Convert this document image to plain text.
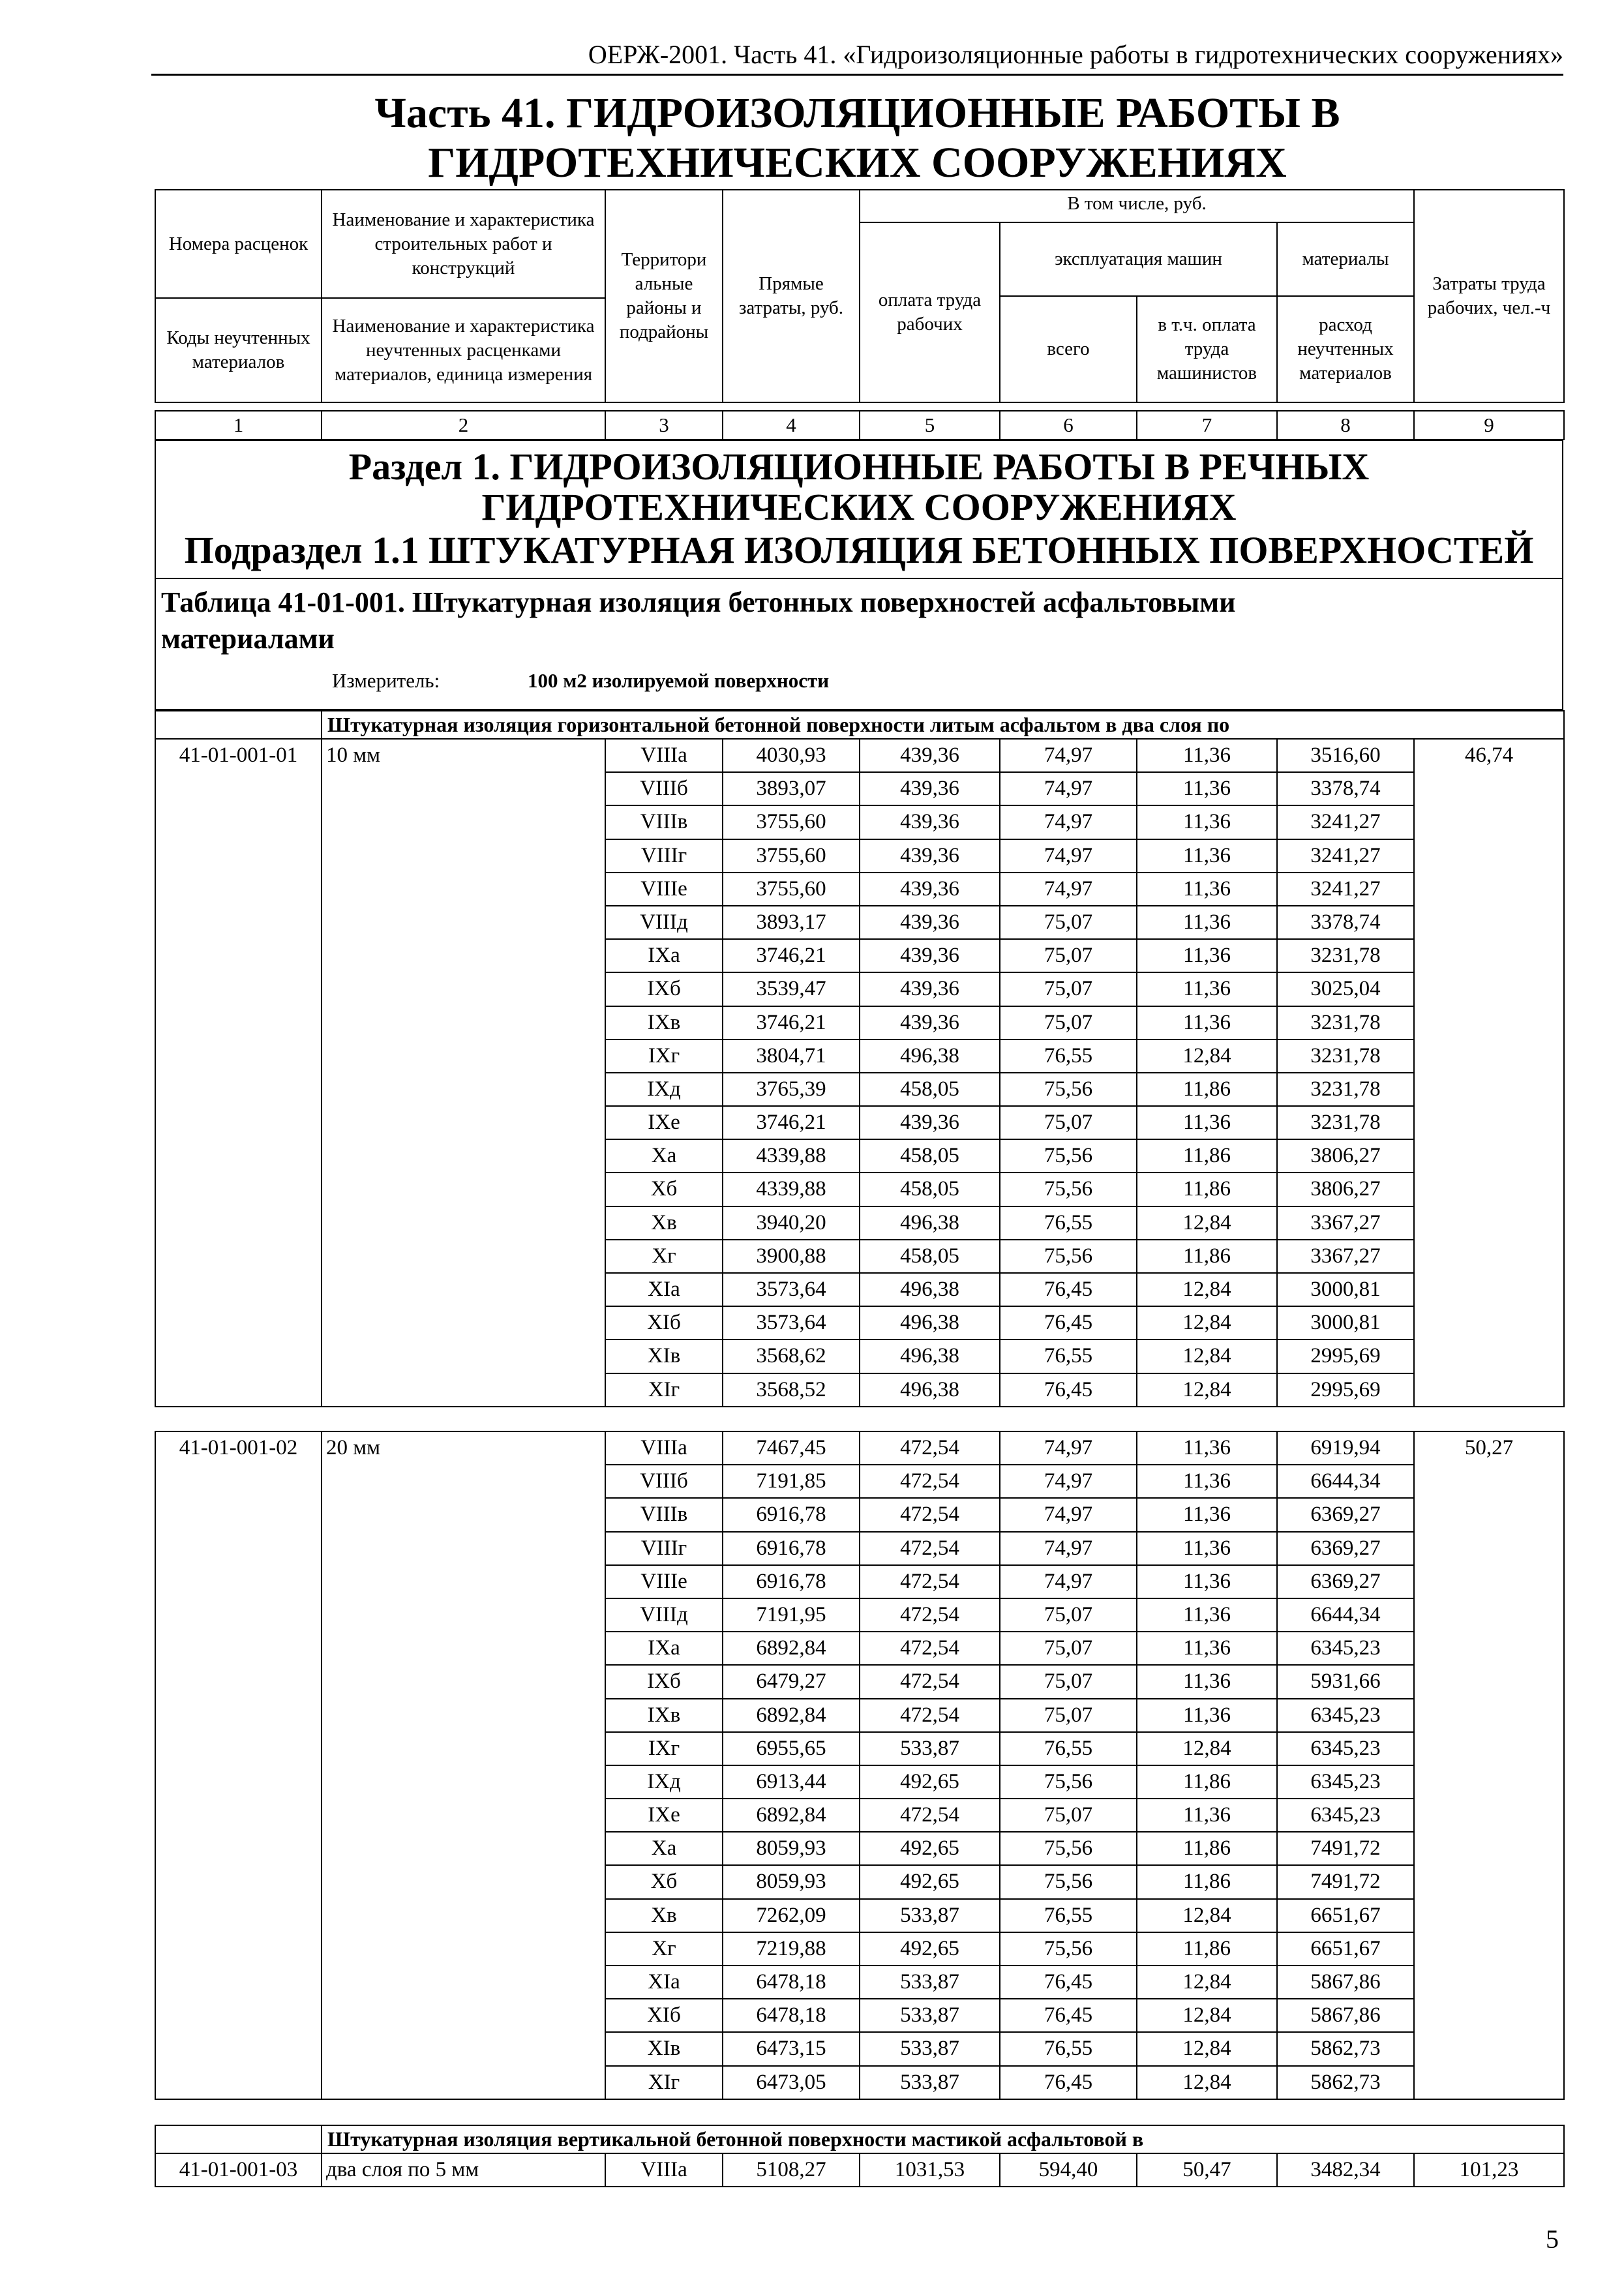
ОЕРЖ-2001. Часть 41. «Гидроизоляционные работы в гидротехнических сооружениях»
Часть 41. ГИДРОИЗОЛЯЦИОННЫЕ РАБОТЫ В
ГИДРОТЕХНИЧЕСКИХ СООРУЖЕНИЯХ
Номера расценок	Наименование и характеристика строительных работ и конструкций	Территори альные районы и подрайоны	Прямые затраты, руб.	В том числе, руб.				Затраты труда рабочих, чел.-ч
				оплата труда рабочих	эксплуатация машин		материалы	
					всего	в т.ч. оплата труда машинистов	расход неучтенных материалов	
Коды неучтенных материалов	Наименование и характеристика неучтенных расценками материалов, единица измерения							

1	2	3	4	5	6	7	8	9
Раздел 1. ГИДРОИЗОЛЯЦИОННЫЕ РАБОТЫ В РЕЧНЫХ
ГИДРОТЕХНИЧЕСКИХ СООРУЖЕНИЯХ
Подраздел 1.1 ШТУКАТУРНАЯ ИЗОЛЯЦИЯ БЕТОННЫХ ПОВЕРХНОСТЕЙ
Таблица 41-01-001. Штукатурная изоляция бетонных поверхностей асфальтовыми
материалами
Измеритель:	100 м2 изолируемой поверхности
	Штукатурная изоляция горизонтальной бетонной поверхности литым асфальтом в два слоя по							
41-01-001-01	10 мм	VIIIа	4030,93	439,36	74,97	11,36	3516,60	46,74
		VIIIб	3893,07	439,36	74,97	11,36	3378,74	
		VIIIв	3755,60	439,36	74,97	11,36	3241,27	
		VIIIг	3755,60	439,36	74,97	11,36	3241,27	
		VIIIе	3755,60	439,36	74,97	11,36	3241,27	
		VIIIд	3893,17	439,36	75,07	11,36	3378,74	
		IXа	3746,21	439,36	75,07	11,36	3231,78	
		IXб	3539,47	439,36	75,07	11,36	3025,04	
		IXв	3746,21	439,36	75,07	11,36	3231,78	
		IXг	3804,71	496,38	76,55	12,84	3231,78	
		IXд	3765,39	458,05	75,56	11,86	3231,78	
		IXе	3746,21	439,36	75,07	11,36	3231,78	
		Xа	4339,88	458,05	75,56	11,86	3806,27	
		Xб	4339,88	458,05	75,56	11,86	3806,27	
		Xв	3940,20	496,38	76,55	12,84	3367,27	
		Xг	3900,88	458,05	75,56	11,86	3367,27	
		XIа	3573,64	496,38	76,45	12,84	3000,81	
		XIб	3573,64	496,38	76,45	12,84	3000,81	
		XIв	3568,62	496,38	76,55	12,84	2995,69	
		XIг	3568,52	496,38	76,45	12,84	2995,69	
41-01-001-02	20 мм	VIIIа	7467,45	472,54	74,97	11,36	6919,94	50,27
		VIIIб	7191,85	472,54	74,97	11,36	6644,34	
		VIIIв	6916,78	472,54	74,97	11,36	6369,27	
		VIIIг	6916,78	472,54	74,97	11,36	6369,27	
		VIIIе	6916,78	472,54	74,97	11,36	6369,27	
		VIIIд	7191,95	472,54	75,07	11,36	6644,34	
		IXа	6892,84	472,54	75,07	11,36	6345,23	
		IXб	6479,27	472,54	75,07	11,36	5931,66	
		IXв	6892,84	472,54	75,07	11,36	6345,23	
		IXг	6955,65	533,87	76,55	12,84	6345,23	
		IXд	6913,44	492,65	75,56	11,86	6345,23	
		IXе	6892,84	472,54	75,07	11,36	6345,23	
		Xа	8059,93	492,65	75,56	11,86	7491,72	
		Xб	8059,93	492,65	75,56	11,86	7491,72	
		Xв	7262,09	533,87	76,55	12,84	6651,67	
		Xг	7219,88	492,65	75,56	11,86	6651,67	
		XIа	6478,18	533,87	76,45	12,84	5867,86	
		XIб	6478,18	533,87	76,45	12,84	5867,86	
		XIв	6473,15	533,87	76,55	12,84	5862,73	
		XIг	6473,05	533,87	76,45	12,84	5862,73	
	Штукатурная изоляция вертикальной бетонной поверхности мастикой асфальтовой в							
41-01-001-03	два слоя по 5 мм	VIIIа	5108,27	1031,53	594,40	50,47	3482,34	101,23
5
